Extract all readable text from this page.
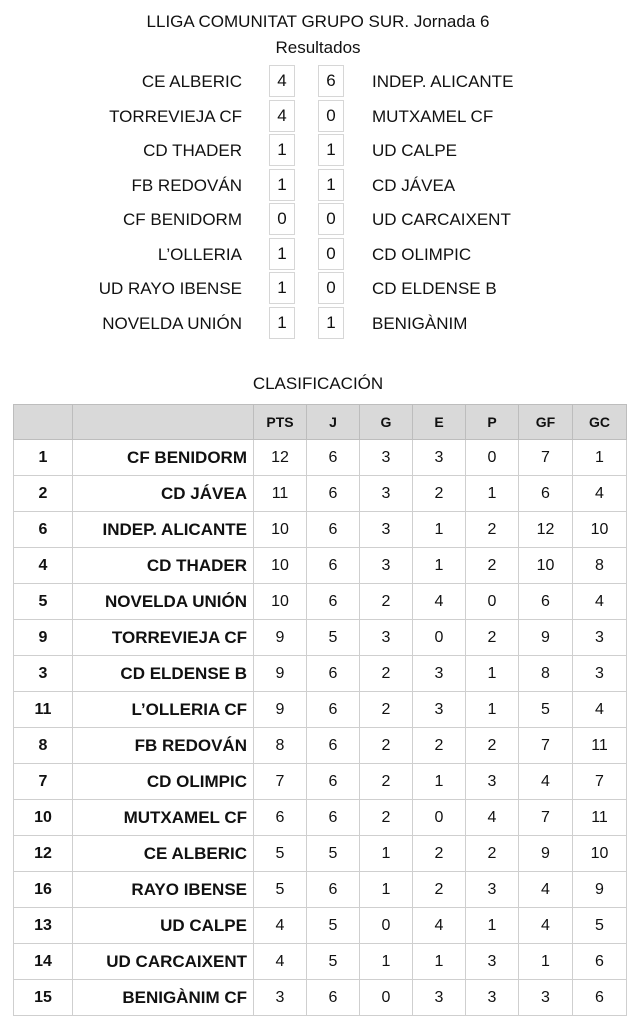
LLIGA COMUNITAT GRUPO SUR. Jornada 6
Resultados
CE ALBERIC	4	6	INDEP. ALICANTE
TORREVIEJA CF	4	0	MUTXAMEL CF
CD THADER	1	1	UD CALPE
FB REDOVÁN	1	1	CD JÁVEA
CF BENIDORM	0	0	UD CARCAIXENT
L’OLLERIA	1	0	CD OLIMPIC
UD RAYO IBENSE	1	0	CD ELDENSE B
NOVELDA UNIÓN	1	1	BENIGÀNIM
CLASIFICACIÓN
		PTS	J	G	E	P	GF	GC
1	CF BENIDORM	12	6	3	3	0	7	1
2	CD JÁVEA	11	6	3	2	1	6	4
6	INDEP. ALICANTE	10	6	3	1	2	12	10
4	CD THADER	10	6	3	1	2	10	8
5	NOVELDA UNIÓN	10	6	2	4	0	6	4
9	TORREVIEJA CF	9	5	3	0	2	9	3
3	CD ELDENSE B	9	6	2	3	1	8	3
11	L’OLLERIA CF	9	6	2	3	1	5	4
8	FB REDOVÁN	8	6	2	2	2	7	11
7	CD OLIMPIC	7	6	2	1	3	4	7
10	MUTXAMEL CF	6	6	2	0	4	7	11
12	CE ALBERIC	5	5	1	2	2	9	10
16	RAYO IBENSE	5	6	1	2	3	4	9
13	UD CALPE	4	5	0	4	1	4	5
14	UD CARCAIXENT	4	5	1	1	3	1	6
15	BENIGÀNIM CF	3	6	0	3	3	3	6
